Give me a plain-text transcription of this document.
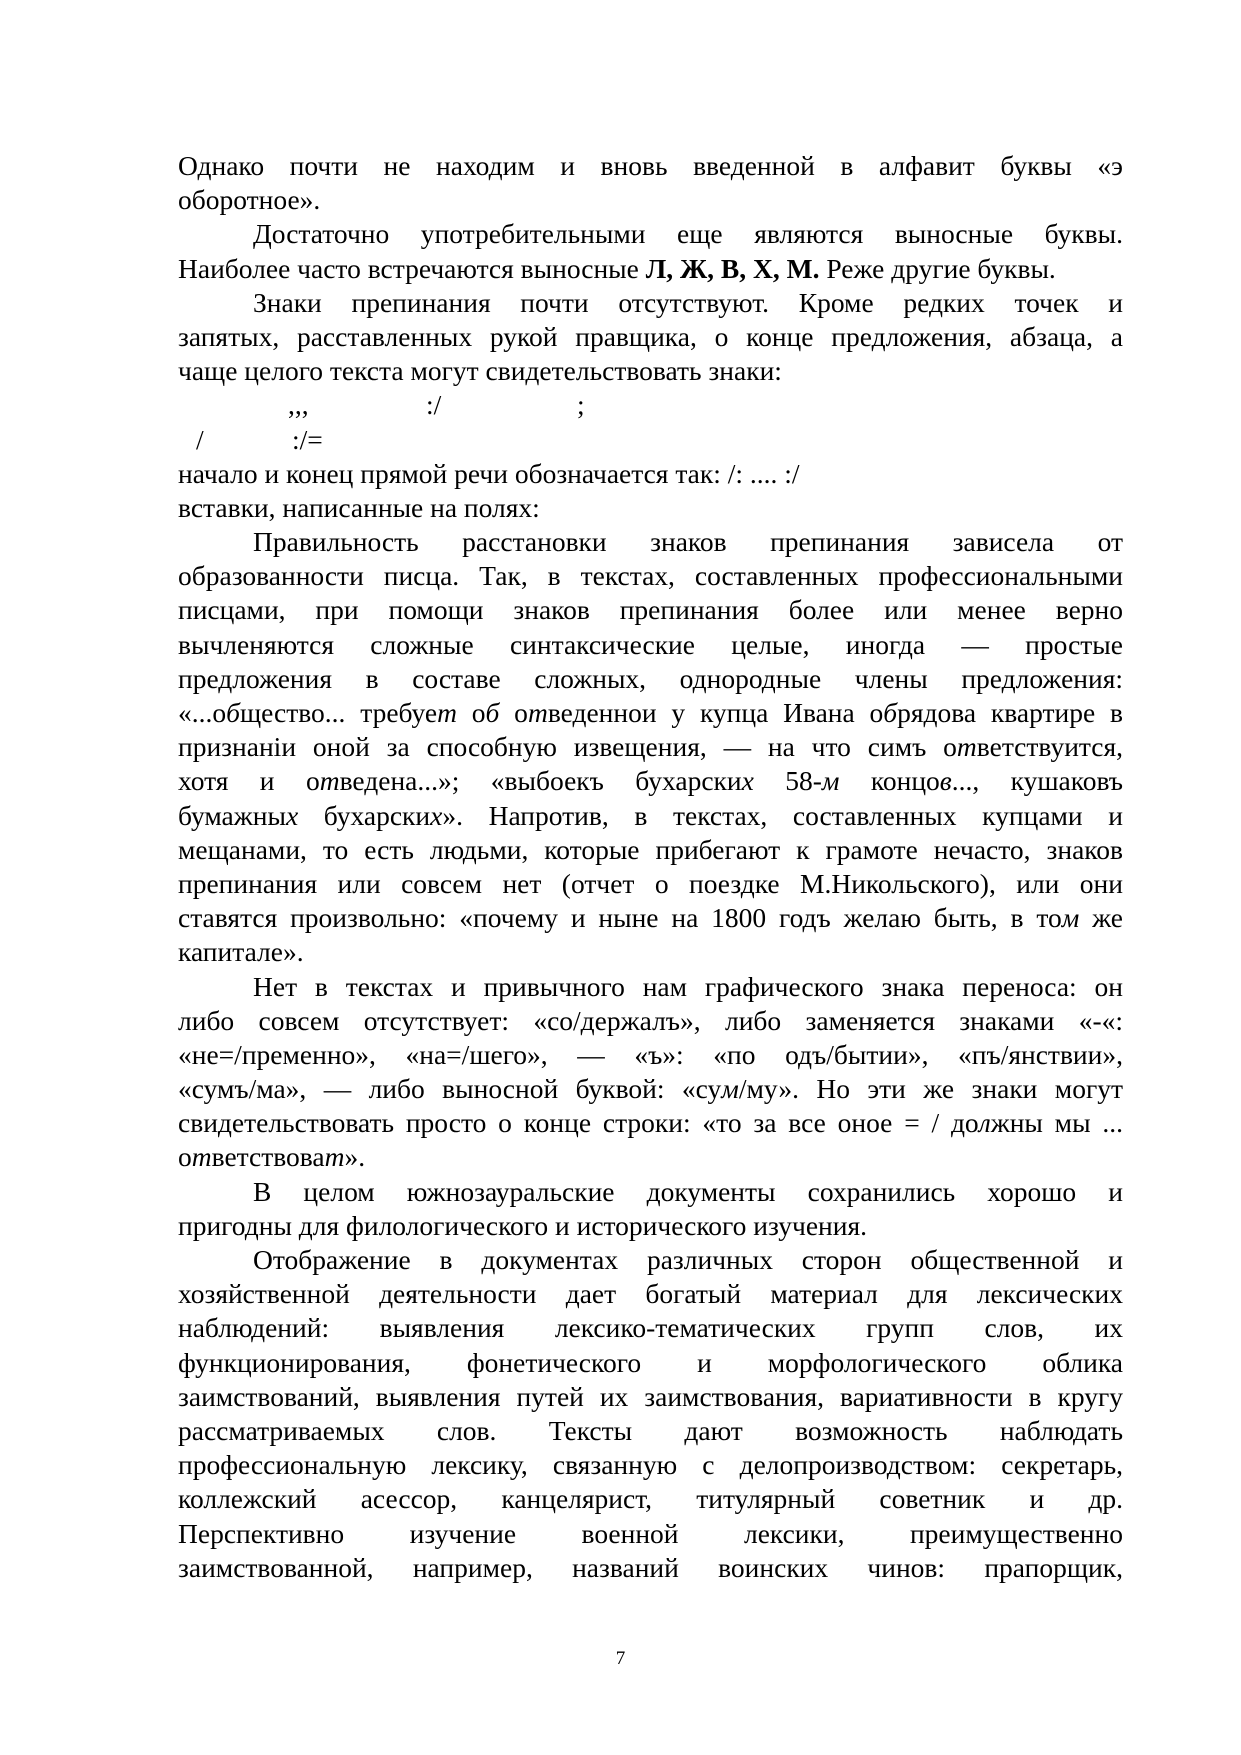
Однако почти не находим и вновь введенной в алфавит буквы «э
оборотное».
Достаточно употребительными еще являются выносные буквы.
Наиболее часто встречаются выносные Л, Ж, В, Х, М. Реже другие буквы.
Знаки препинания почти отсутствуют. Кроме редких точек и
запятых, расставленных рукой правщика, о конце предложения, абзаца, а
чаще целого текста могут свидетельствовать знаки:
,,,	:/	;
/	:/=
начало и конец прямой речи обозначается так: /: .... :/
вставки, написанные на полях:
Правильность расстановки знаков препинания зависела от
образованности писца. Так, в текстах, составленных профессиональными
писцами, при помощи знаков препинания более или менее верно
вычленяются сложные синтаксические целые, иногда — простые
предложения в составе сложных, однородные члены предложения:
«...общество... требует об отведеннои у купца Ивана обрядова квартире в
признанiи оной за способную извещения, — на что симъ ответствуится,
хотя и отведена...»; «выбоекъ бухарских 58-м концов..., кушаковъ
бумажных бухарских». Напротив, в текстах, составленных купцами и
мещанами, то есть людьми, которые прибегают к грамоте нечасто, знаков
препинания или совсем нет (отчет о поездке М.Никольского), или они
ставятся произвольно: «почему и ныне на 1800 годъ желаю быть, в том же
капитале».
Нет в текстах и привычного нам графического знака переноса: он
либо совсем отсутствует: «со/держалъ», либо заменяется знаками «-«:
«не=/пременно», «на=/шего», — «ъ»: «по одъ/бытии», «пъ/янствии»,
«сумъ/ма», — либо выносной буквой: «сум/му». Но эти же знаки могут
свидетельствовать просто о конце строки: «то за все оное = / должны мы ...
ответствоват».
В целом южнозауральские документы сохранились хорошо и
пригодны для филологического и исторического изучения.
Отображение в документах различных сторон общественной и
хозяйственной деятельности дает богатый материал для лексических
наблюдений: выявления лексико-тематических групп слов, их
функционирования, фонетического и морфологического облика
заимствований, выявления путей их заимствования, вариативности в кругу
рассматриваемых слов. Тексты дают возможность наблюдать
профессиональную лексику, связанную с делопроизводством: секретарь,
коллежский асессор, канцелярист, титулярный советник и др.
Перспективно изучение военной лексики, преимущественно
заимствованной, например, названий воинских чинов: прапорщик,
7
